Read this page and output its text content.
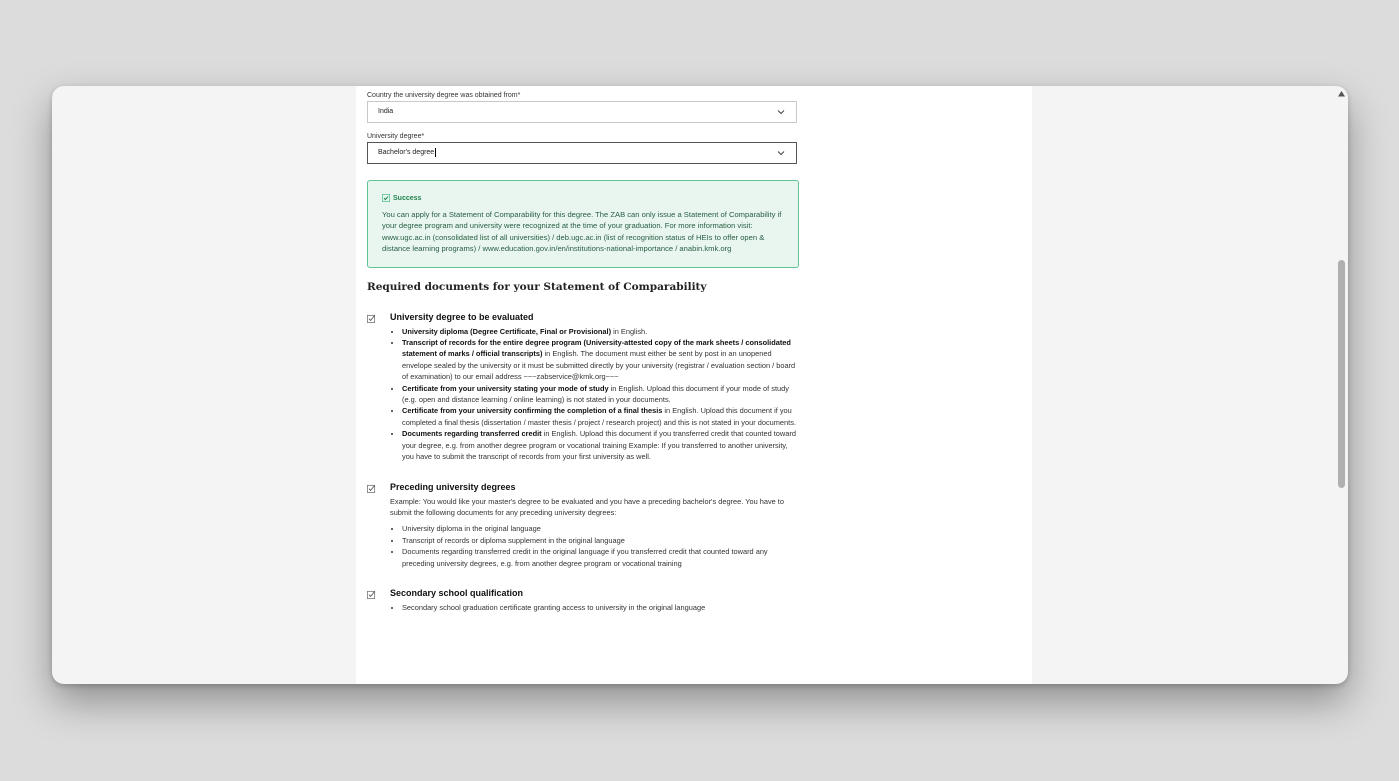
Country the university degree was obtained from*
India
University degree*
Bachelor's degree
Success
You can apply for a Statement of Comparability for this degree. The ZAB can only issue a Statement of Comparability if your degree program and university were recognized at the time of your graduation. For more information visit: www.ugc.ac.in (consolidated list of all universities) / deb.ugc.ac.in (list of recognition status of HEIs to offer open & distance learning programs) / www.education.gov.in/en/institutions-national-importance / anabin.kmk.org
Required documents for your Statement of Comparability
University degree to be evaluated
• University diploma (Degree Certificate, Final or Provisional) in English.
• Transcript of records for the entire degree program (University-attested copy of the mark sheets / consolidated statement of marks / official transcripts) in English. The document must either be sent by post in an unopened envelope sealed by the university or it must be submitted directly by your university (registrar / evaluation section / board of examination) to our email address ~~~zabservice@kmk.org~~~
• Certificate from your university stating your mode of study in English. Upload this document if your mode of study (e.g. open and distance learning / online learning) is not stated in your documents.
• Certificate from your university confirming the completion of a final thesis in English. Upload this document if you completed a final thesis (dissertation / master thesis / project / research project) and this is not stated in your documents.
• Documents regarding transferred credit in English. Upload this document if you transferred credit that counted toward your degree, e.g. from another degree program or vocational training Example: If you transferred to another university, you have to submit the transcript of records from your first university as well.
Preceding university degrees
Example: You would like your master's degree to be evaluated and you have a preceding bachelor's degree. You have to submit the following documents for any preceding university degrees:
• University diploma in the original language
• Transcript of records or diploma supplement in the original language
• Documents regarding transferred credit in the original language if you transferred credit that counted toward any preceding university degrees, e.g. from another degree program or vocational training
Secondary school qualification
• Secondary school graduation certificate granting access to university in the original language
